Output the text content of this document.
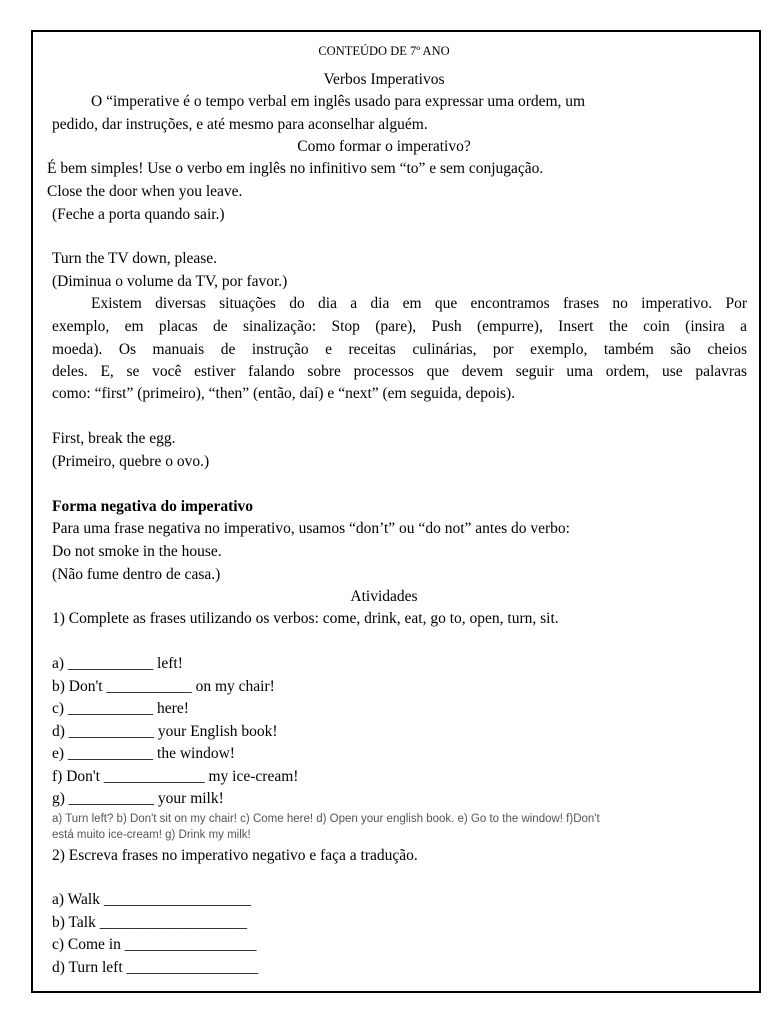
CONTEÚDO DE 7º ANO
Verbos Imperativos
O “imperative é o tempo verbal em inglês usado para expressar uma ordem, um
pedido, dar instruções, e até mesmo para aconselhar alguém.
Como formar o imperativo?
É bem simples! Use o verbo em inglês no infinitivo sem “to” e sem conjugação.
Close the door when you leave.
(Feche a porta quando sair.)
Turn the TV down, please.
(Diminua o volume da TV, por favor.)
Existem diversas situações do dia a dia em que encontramos frases no imperativo. Por
exemplo, em placas de sinalização: Stop (pare), Push (empurre), Insert the coin (insira a
moeda). Os manuais de instrução e receitas culinárias, por exemplo, também são cheios
deles. E, se você estiver falando sobre processos que devem seguir uma ordem, use palavras
como: “first” (primeiro), “then” (então, daí) e “next” (em seguida, depois).
First, break the egg.
(Primeiro, quebre o ovo.)
Forma negativa do imperativo
Para uma frase negativa no imperativo, usamos “don’t” ou “do not” antes do verbo:
Do not smoke in the house.
(Não fume dentro de casa.)
Atividades
1) Complete as frases utilizando os verbos: come, drink, eat, go to, open, turn, sit.
a) ___________ left!
b) Don't ___________ on my chair!
c) ___________ here!
d) ___________ your English book!
e) ___________ the window!
f) Don't _____________ my ice-cream!
g) ___________ your milk!
a) Turn left? b) Don't sit on my chair! c) Come here! d) Open your english book. e) Go to the window! f)Don't
está muito ice-cream! g) Drink my milk!
2) Escreva frases no imperativo negativo e faça a tradução.
a) Walk ___________________
b) Talk ___________________
c) Come in _________________
d) Turn left _________________
